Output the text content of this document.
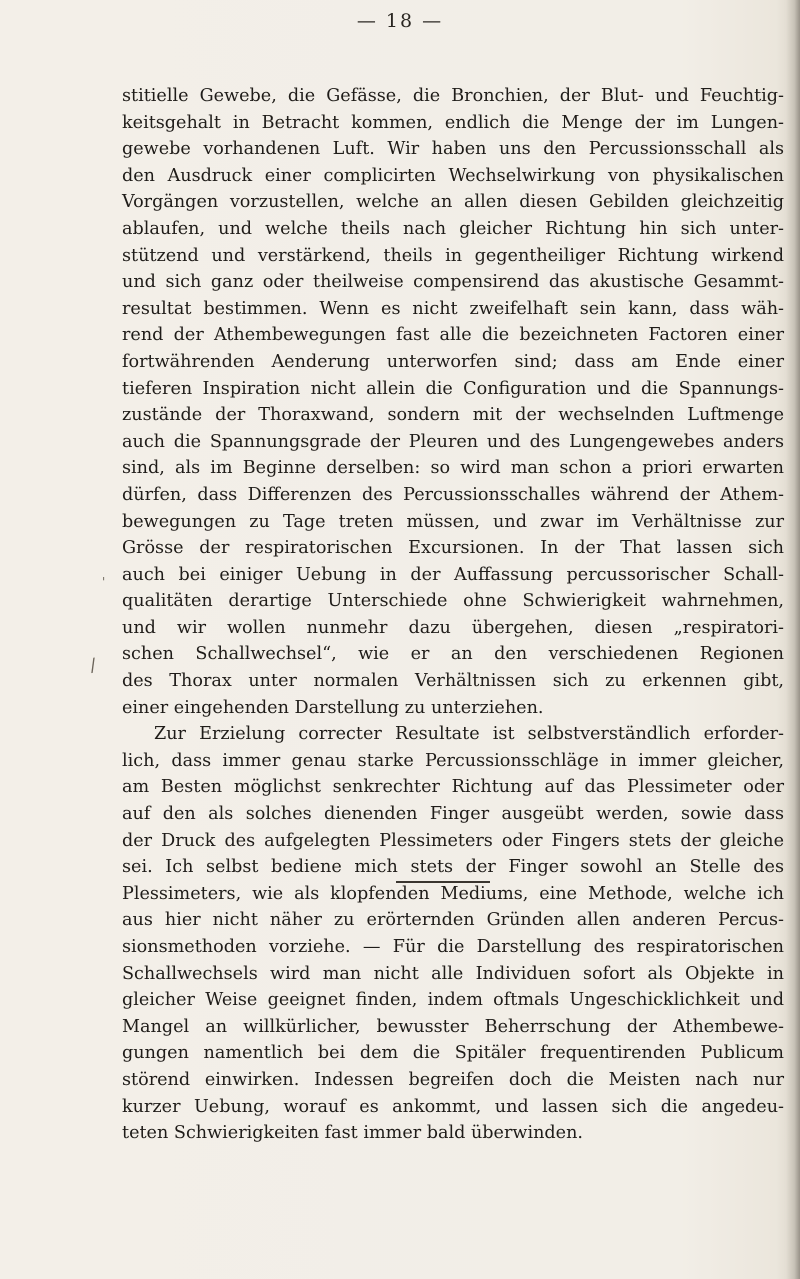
— 18 —
'
/
stitielle Gewebe, die Gefässe, die Bronchien, der Blut- und Feuchtig-
keitsgehalt in Betracht kommen, endlich die Menge der im Lungen-
gewebe vorhandenen Luft. Wir haben uns den Percussionsschall als
den Ausdruck einer complicirten Wechselwirkung von physikalischen
Vorgängen vorzustellen, welche an allen diesen Gebilden gleichzeitig
ablaufen, und welche theils nach gleicher Richtung hin sich unter-
stützend und verstärkend, theils in gegentheiliger Richtung wirkend
und sich ganz oder theilweise compensirend das akustische Gesammt-
resultat bestimmen. Wenn es nicht zweifelhaft sein kann, dass wäh-
rend der Athembewegungen fast alle die bezeichneten Factoren einer
fortwährenden Aenderung unterworfen sind; dass am Ende einer
tieferen Inspiration nicht allein die Configuration und die Spannungs-
zustände der Thoraxwand, sondern mit der wechselnden Luftmenge
auch die Spannungsgrade der Pleuren und des Lungengewebes anders
sind, als im Beginne derselben: so wird man schon a priori erwarten
dürfen, dass Differenzen des Percussionsschalles während der Athem-
bewegungen zu Tage treten müssen, und zwar im Verhältnisse zur
Grösse der respiratorischen Excursionen. In der That lassen sich
auch bei einiger Uebung in der Auffassung percussorischer Schall-
qualitäten derartige Unterschiede ohne Schwierigkeit wahrnehmen,
und wir wollen nunmehr dazu übergehen, diesen „respiratori-
schen Schallwechsel“, wie er an den verschiedenen Regionen
des Thorax unter normalen Verhältnissen sich zu erkennen gibt,
einer eingehenden Darstellung zu unterziehen.
Zur Erzielung correcter Resultate ist selbstverständlich erforder-
lich, dass immer genau starke Percussionsschläge in immer gleicher,
am Besten möglichst senkrechter Richtung auf das Plessimeter oder
auf den als solches dienenden Finger ausgeübt werden, sowie dass
der Druck des aufgelegten Plessimeters oder Fingers stets der gleiche
sei. Ich selbst bediene mich stets der Finger sowohl an Stelle des
Plessimeters, wie als klopfenden Mediums, eine Methode, welche ich
aus hier nicht näher zu erörternden Gründen allen anderen Percus-
sionsmethoden vorziehe. — Für die Darstellung des respiratorischen
Schallwechsels wird man nicht alle Individuen sofort als Objekte in
gleicher Weise geeignet finden, indem oftmals Ungeschicklichkeit und
Mangel an willkürlicher, bewusster Beherrschung der Athembewe-
gungen namentlich bei dem die Spitäler frequentirenden Publicum
störend einwirken. Indessen begreifen doch die Meisten nach nur
kurzer Uebung, worauf es ankommt, und lassen sich die angedeu-
teten Schwierigkeiten fast immer bald überwinden.
